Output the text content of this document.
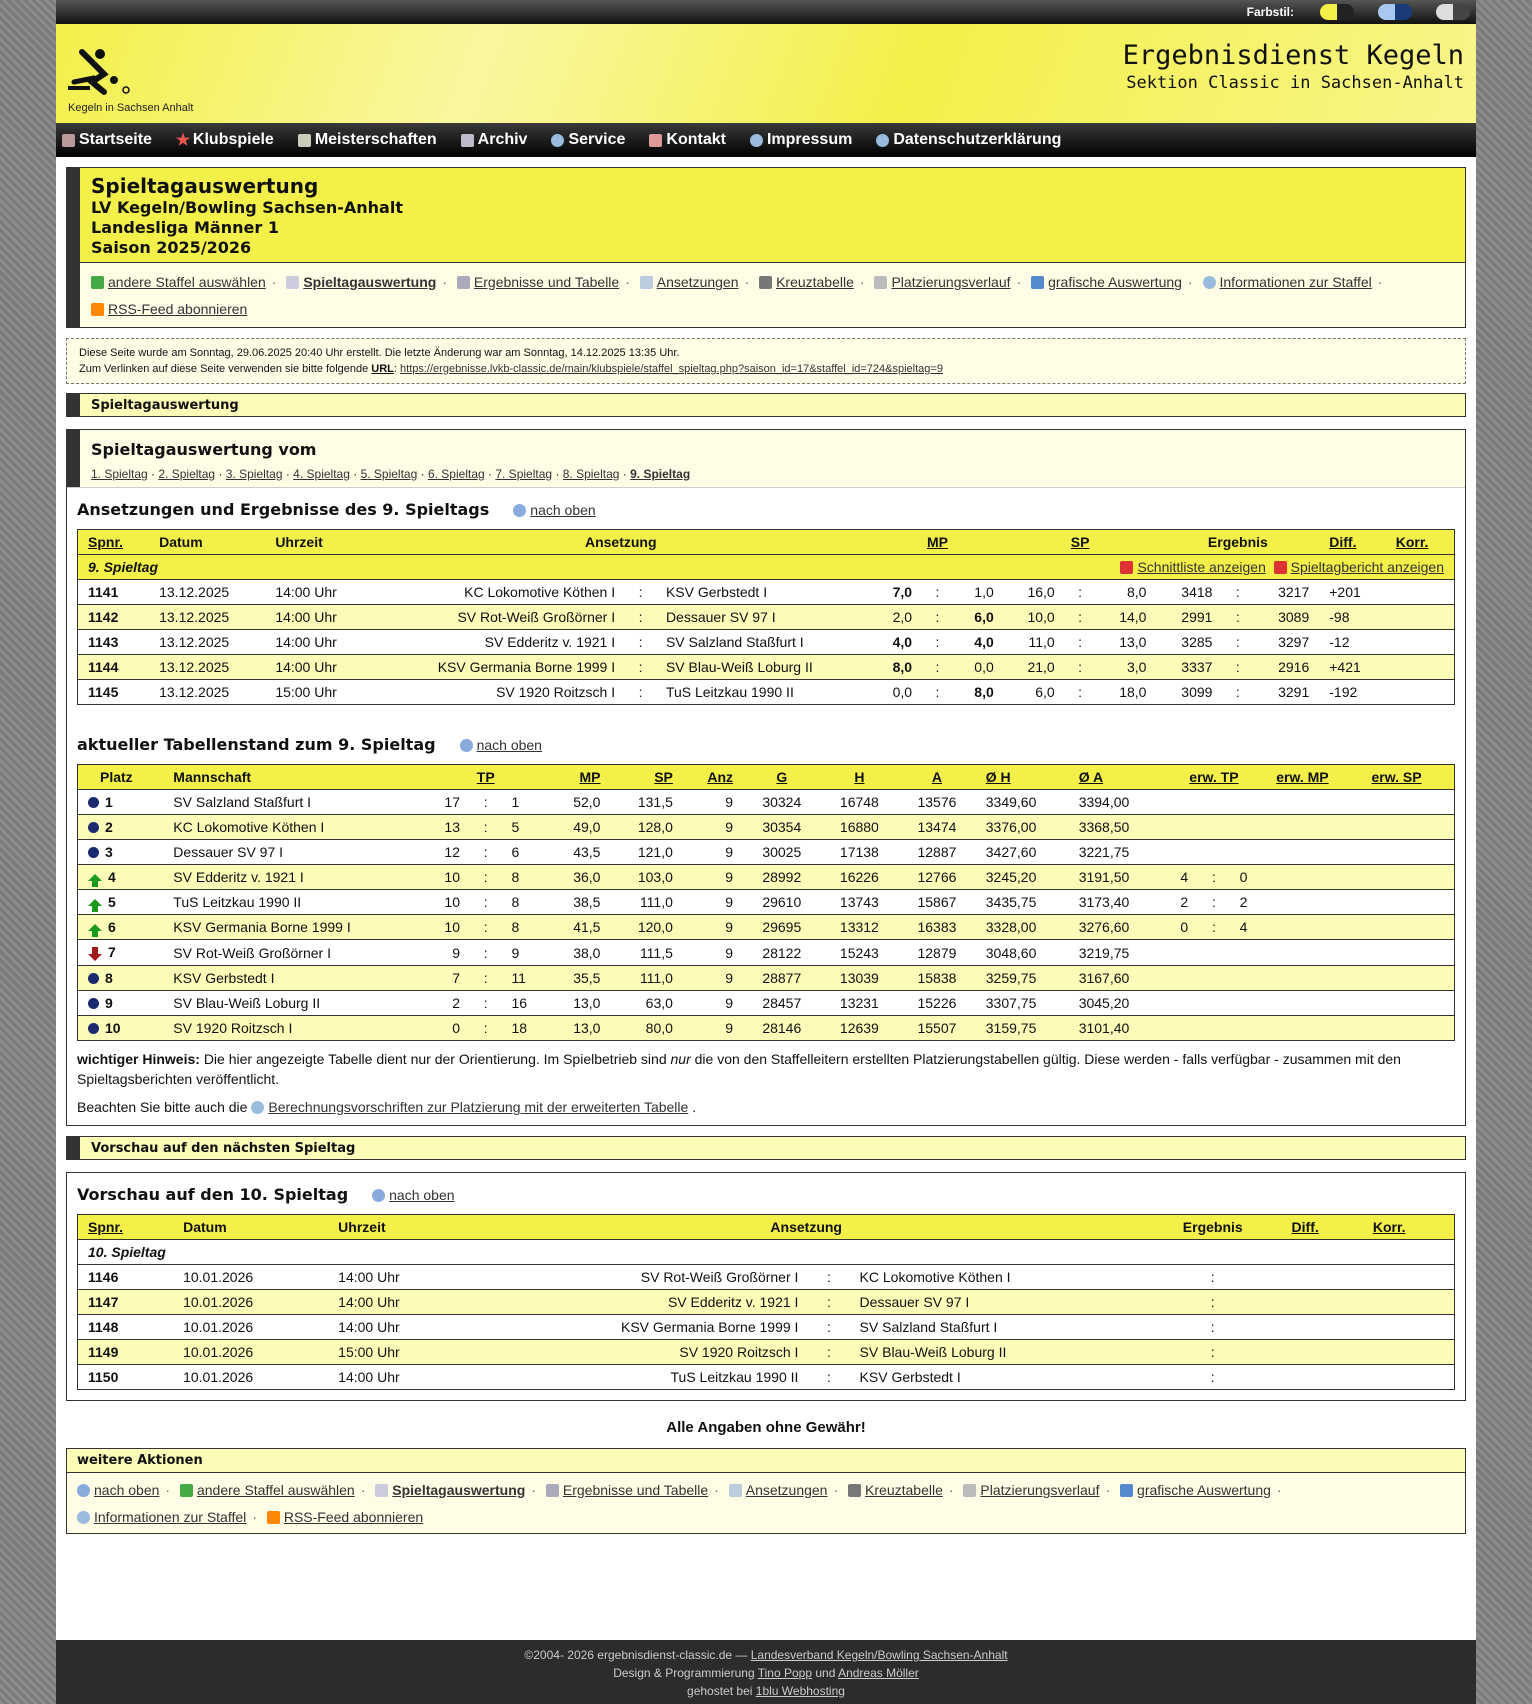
Farbstil:
Kegeln in Sachsen Anhalt
Ergebnisdienst Kegeln
Sektion Classic in Sachsen-Anhalt
Startseite ★ Klubspiele	Meisterschaften	Archiv	Service	Kontakt	Impressum	Datenschutzerklärung
Spieltagauswertung
LV Kegeln/Bowling Sachsen-Anhalt
Landesliga Männer 1
Saison 2025/2026
andere Staffel auswählen · Spieltagauswertung · Ergebnisse und Tabelle · Ansetzungen · Kreuztabelle · Platzierungsverlauf · grafische Auswertung · Informationen zur Staffel ·
RSS-Feed abonnieren
Diese Seite wurde am Sonntag, 29.06.2025 20:40 Uhr erstellt. Die letzte Änderung war am Sonntag, 14.12.2025 13:35 Uhr.
Zum Verlinken auf diese Seite verwenden sie bitte folgende URL: https://ergebnisse.lvkb-classic.de/main/klubspiele/staffel_spieltag.php?saison_id=17&staffel_id=724&spieltag=9
Spieltagauswertung
Spieltagauswertung vom
1. Spieltag · 2. Spieltag · 3. Spieltag · 4. Spieltag · 5. Spieltag · 6. Spieltag · 7. Spieltag · 8. Spieltag · 9. Spieltag
Ansetzungen und Ergebnisse des 9. Spieltags	nach oben
Spnr.	Datum	Uhrzeit	Ansetzung			MP			SP			Ergebnis			Diff.	Korr.
9. Spieltag									Schnittliste anzeigen Spieltagbericht anzeigen							
1141	13.12.2025	14:00 Uhr	KC Lokomotive Köthen I	:	KSV Gerbstedt I	7,0	:	1,0	16,0	:	8,0	3418	:	3217	+201	
1142	13.12.2025	14:00 Uhr	SV Rot-Weiß Großörner I	:	Dessauer SV 97 I	2,0	:	6,0	10,0	:	14,0	2991	:	3089	-98	
1143	13.12.2025	14:00 Uhr	SV Edderitz v. 1921 I	:	SV Salzland Staßfurt I	4,0	:	4,0	11,0	:	13,0	3285	:	3297	-12	
1144	13.12.2025	14:00 Uhr	KSV Germania Borne 1999 I	:	SV Blau-Weiß Loburg II	8,0	:	0,0	21,0	:	3,0	3337	:	2916	+421	
1145	13.12.2025	15:00 Uhr	SV 1920 Roitzsch I	:	TuS Leitzkau 1990 II	0,0	:	8,0	6,0	:	18,0	3099	:	3291	-192	
aktueller Tabellenstand zum 9. Spieltag	nach oben
Platz	Mannschaft	TP			MP	SP	Anz	G	H	A	Ø H	Ø A	erw. TP			erw. MP	erw. SP
1	SV Salzland Staßfurt I	17	:	1	52,0	131,5	9	30324	16748	13576	3349,60	3394,00					
2	KC Lokomotive Köthen I	13	:	5	49,0	128,0	9	30354	16880	13474	3376,00	3368,50					
3	Dessauer SV 97 I	12	:	6	43,5	121,0	9	30025	17138	12887	3427,60	3221,75					
4	SV Edderitz v. 1921 I	10	:	8	36,0	103,0	9	28992	16226	12766	3245,20	3191,50	4	:	0		
5	TuS Leitzkau 1990 II	10	:	8	38,5	111,0	9	29610	13743	15867	3435,75	3173,40	2	:	2		
6	KSV Germania Borne 1999 I	10	:	8	41,5	120,0	9	29695	13312	16383	3328,00	3276,60	0	:	4		
7	SV Rot-Weiß Großörner I	9	:	9	38,0	111,5	9	28122	15243	12879	3048,60	3219,75					
8	KSV Gerbstedt I	7	:	11	35,5	111,0	9	28877	13039	15838	3259,75	3167,60					
9	SV Blau-Weiß Loburg II	2	:	16	13,0	63,0	9	28457	13231	15226	3307,75	3045,20					
10	SV 1920 Roitzsch I	0	:	18	13,0	80,0	9	28146	12639	15507	3159,75	3101,40					
wichtiger Hinweis: Die hier angezeigte Tabelle dient nur der Orientierung. Im Spielbetrieb sind nur die von den Staffelleitern erstellten Platzierungstabellen gültig. Diese werden - falls verfügbar - zusammen mit den Spieltagsberichten veröffentlicht.
Beachten Sie bitte auch die Berechnungsvorschriften zur Platzierung mit der erweiterten Tabelle .
Vorschau auf den nächsten Spieltag
Vorschau auf den 10. Spieltag	nach oben
Spnr.	Datum	Uhrzeit	Ansetzung			Ergebnis			Diff.	Korr.
10. Spieltag										
1146	10.01.2026	14:00 Uhr	SV Rot-Weiß Großörner I	:	KC Lokomotive Köthen I		:			
1147	10.01.2026	14:00 Uhr	SV Edderitz v. 1921 I	:	Dessauer SV 97 I		:			
1148	10.01.2026	14:00 Uhr	KSV Germania Borne 1999 I	:	SV Salzland Staßfurt I		:			
1149	10.01.2026	15:00 Uhr	SV 1920 Roitzsch I	:	SV Blau-Weiß Loburg II		:			
1150	10.01.2026	14:00 Uhr	TuS Leitzkau 1990 II	:	KSV Gerbstedt I		:			
Alle Angaben ohne Gewähr!
weitere Aktionen
nach oben · andere Staffel auswählen · Spieltagauswertung · Ergebnisse und Tabelle · Ansetzungen · Kreuztabelle · Platzierungsverlauf · grafische Auswertung ·
Informationen zur Staffel · RSS-Feed abonnieren
©2004- 2026 ergebnisdienst-classic.de — Landesverband Kegeln/Bowling Sachsen-Anhalt
Design & Programmierung Tino Popp und Andreas Möller
gehostet bei 1blu Webhosting
